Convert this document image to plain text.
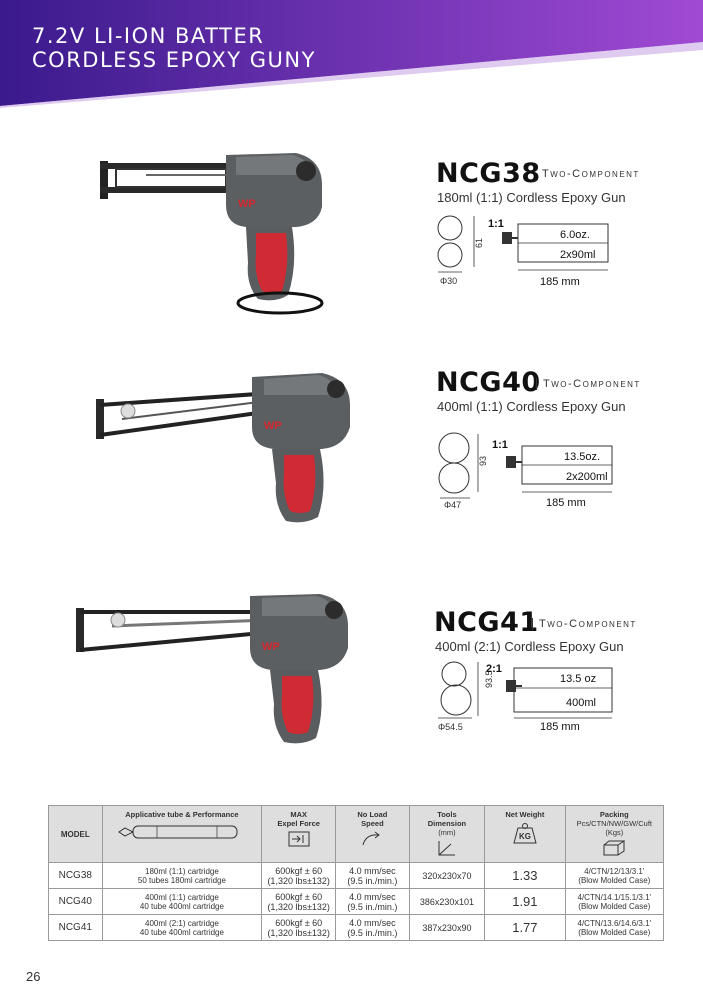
7.2V LI-ION BATTER
CORDLESS EPOXY GUNY
WP
NCG38 Two-Component
180ml (1:1) Cordless Epoxy Gun
61
Φ30
1:1
6.0oz.
2x90ml
185 mm
WP
NCG40 Two-Component
400ml (1:1) Cordless Epoxy Gun
93
Φ47
1:1
13.5oz.
2x200ml
185 mm
WP
NCG41 Two-Component
400ml (2:1) Cordless Epoxy Gun
93.5
Φ54.5
2:1
13.5 oz
400ml
185 mm
MODEL	Applicative tube & Performance	MAX
Expel Force	No Load
Speed	Tools
Dimension
(mm)	Net Weight
KG	Packing
Pcs/CTN/NW/GW/Cuft
(Kgs)

NCG38	180ml (1:1) cartridge
50 tubes 180ml cartridge	600kgf ± 60
(1,320 lbs±132)	4.0 mm/sec
(9.5 in./min.)	320x230x70	1.33	4/CTN/12/13/3.1'
(Blow Molded Case)
NCG40	400ml (1:1) cartridge
40 tube 400ml cartridge	600kgf ± 60
(1,320 lbs±132)	4.0 mm/sec
(9.5 in./min.)	386x230x101	1.91	4/CTN/14.1/15.1/3.1'
(Blow Molded Case)
NCG41	400ml (2:1) cartridge
40 tube 400ml cartridge	600kgf ± 60
(1,320 lbs±132)	4.0 mm/sec
(9.5 in./min.)	387x230x90	1.77	4/CTN/13.6/14.6/3.1'
(Blow Molded Case)
26
